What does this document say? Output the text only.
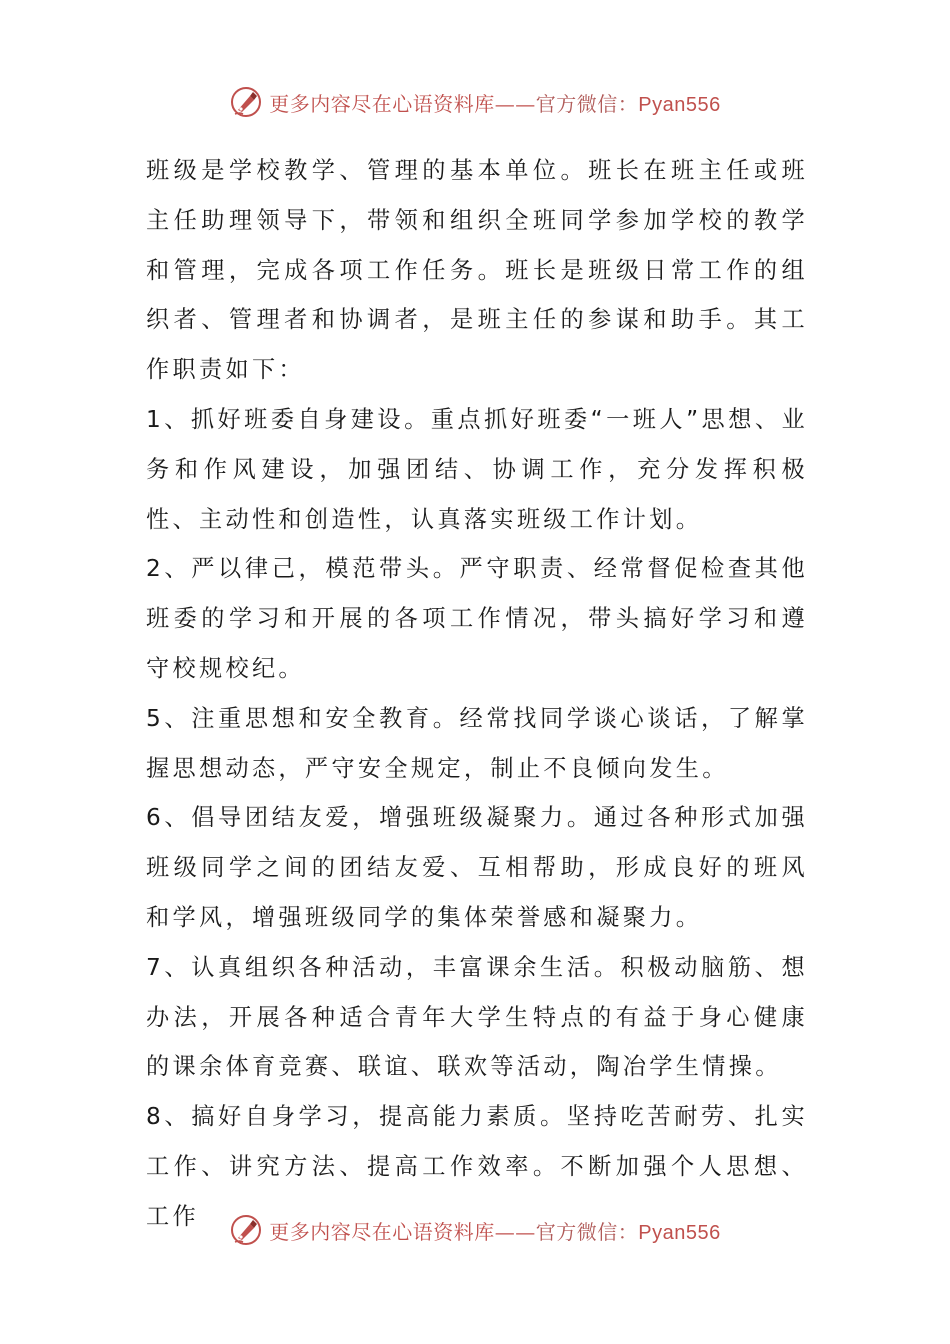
更多内容尽在心语资料库——官方微信：Pyan556

班级是学校教学、管理的基本单位。班长在班主任或班主任助理领导下，带领和组织全班同学参加学校的教学和管理，完成各项工作任务。班长是班级日常工作的组织者、管理者和协调者，是班主任的参谋和助手。其工作职责如下：

1、抓好班委自身建设。重点抓好班委“一班人”思想、业务和作风建设，加强团结、协调工作，充分发挥积极性、主动性和创造性，认真落实班级工作计划。

2、严以律己，模范带头。严守职责、经常督促检查其他班委的学习和开展的各项工作情况，带头搞好学习和遵守校规校纪。

5、注重思想和安全教育。经常找同学谈心谈话，了解掌握思想动态，严守安全规定，制止不良倾向发生。

6、倡导团结友爱，增强班级凝聚力。通过各种形式加强班级同学之间的团结友爱、互相帮助，形成良好的班风和学风，增强班级同学的集体荣誉感和凝聚力。

7、认真组织各种活动，丰富课余生活。积极动脑筋、想办法，开展各种适合青年大学生特点的有益于身心健康的课余体育竞赛、联谊、联欢等活动，陶冶学生情操。

8、搞好自身学习，提高能力素质。坚持吃苦耐劳、扎实工作、讲究方法、提高工作效率。不断加强个人思想、工作

更多内容尽在心语资料库——官方微信：Pyan556
